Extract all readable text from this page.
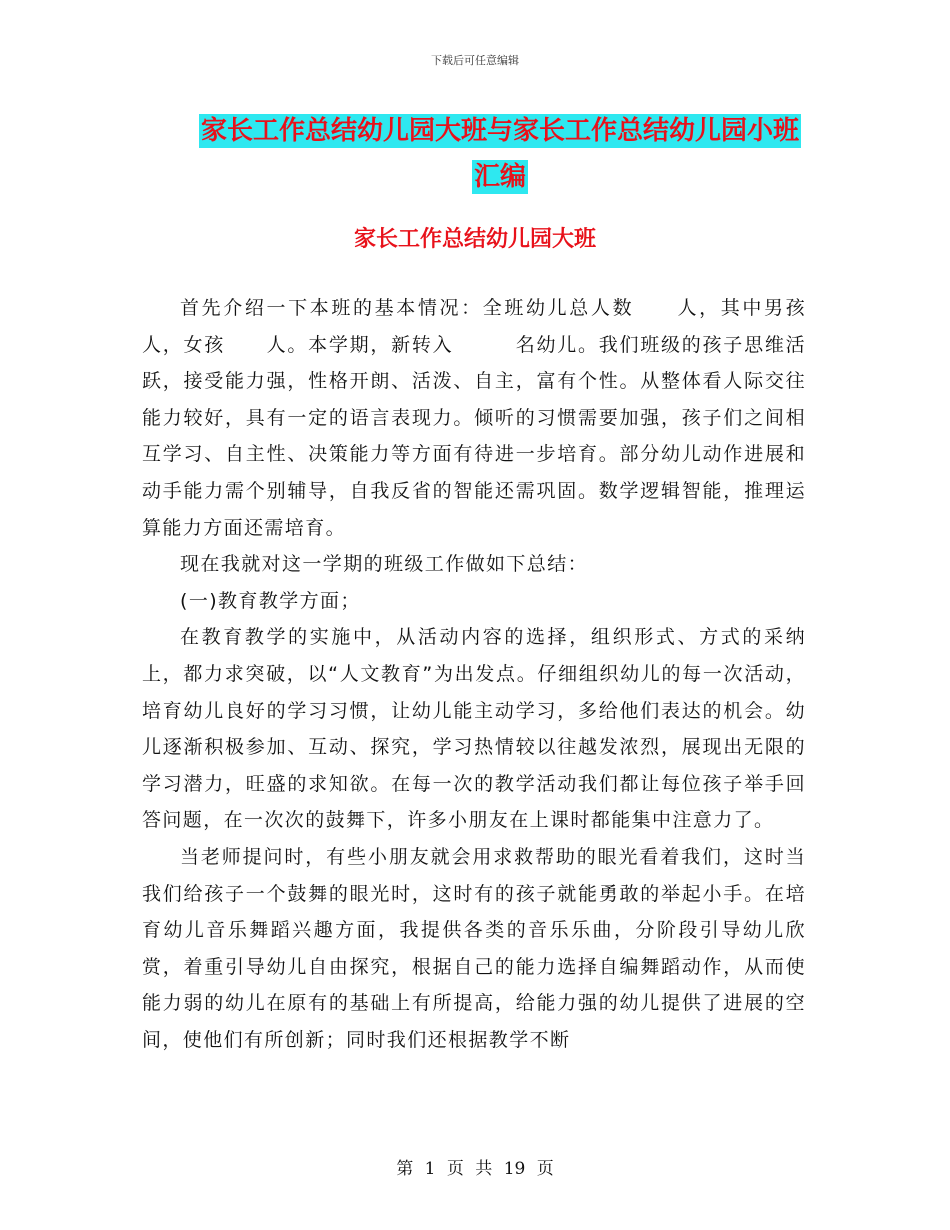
下载后可任意编辑
家长工作总结幼儿园大班与家长工作总结幼儿园小班汇编
家长工作总结幼儿园大班

首先介绍一下本班的基本情况：全班幼儿总人数　　人，其中男孩　　人，女孩　　人。本学期，新转入　　　名幼儿。我们班级的孩子思维活跃，接受能力强，性格开朗、活泼、自主，富有个性。从整体看人际交往能力较好，具有一定的语言表现力。倾听的习惯需要加强，孩子们之间相互学习、自主性、决策能力等方面有待进一步培育。部分幼儿动作进展和动手能力需个别辅导，自我反省的智能还需巩固。数学逻辑智能，推理运算能力方面还需培育。

现在我就对这一学期的班级工作做如下总结：

(一)教育教学方面；

在教育教学的实施中，从活动内容的选择，组织形式、方式的采纳上，都力求突破，以“人文教育”为出发点。仔细组织幼儿的每一次活动，培育幼儿良好的学习习惯，让幼儿能主动学习，多给他们表达的机会。幼儿逐渐积极参加、互动、探究，学习热情较以往越发浓烈，展现出无限的学习潜力，旺盛的求知欲。在每一次的教学活动我们都让每位孩子举手回答问题，在一次次的鼓舞下，许多小朋友在上课时都能集中注意力了。

当老师提问时，有些小朋友就会用求救帮助的眼光看着我们，这时当我们给孩子一个鼓舞的眼光时，这时有的孩子就能勇敢的举起小手。在培育幼儿音乐舞蹈兴趣方面，我提供各类的音乐乐曲，分阶段引导幼儿欣赏，着重引导幼儿自由探究，根据自己的能力选择自编舞蹈动作，从而使能力弱的幼儿在原有的基础上有所提高，给能力强的幼儿提供了进展的空间，使他们有所创新；同时我们还根据教学不断

第 1 页 共 19 页
